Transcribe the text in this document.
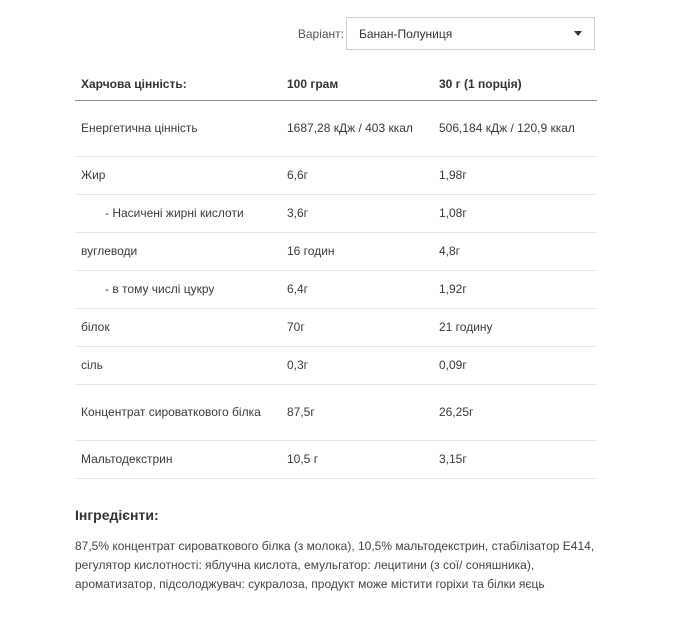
Варіант: Банан-Полуниця
Харчова цінність:	100 грам	30 г (1 порція)
Енергетична цінність	1687,28 кДж / 403 ккал	506,184 кДж / 120,9 ккал
Жир	6,6г	1,98г
- Насичені жирні кислоти	3,6г	1,08г
вуглеводи	16 годин	4,8г
- в тому числі цукру	6,4г	1,92г
білок	70г	21 годину
сіль	0,3г	0,09г
Концентрат сироваткового білка	87,5г	26,25г
Мальтодекстрин	10,5 г	3,15г
Інгредієнти:
87,5% концентрат сироваткового білка (з молока), 10,5% мальтодекстрин, стабілізатор Е414, регулятор кислотності: яблучна кислота, емульгатор: лецитини (з сої/ соняшника), ароматизатор, підсолоджувач: сукралоза, продукт може містити горіхи та білки яєць
